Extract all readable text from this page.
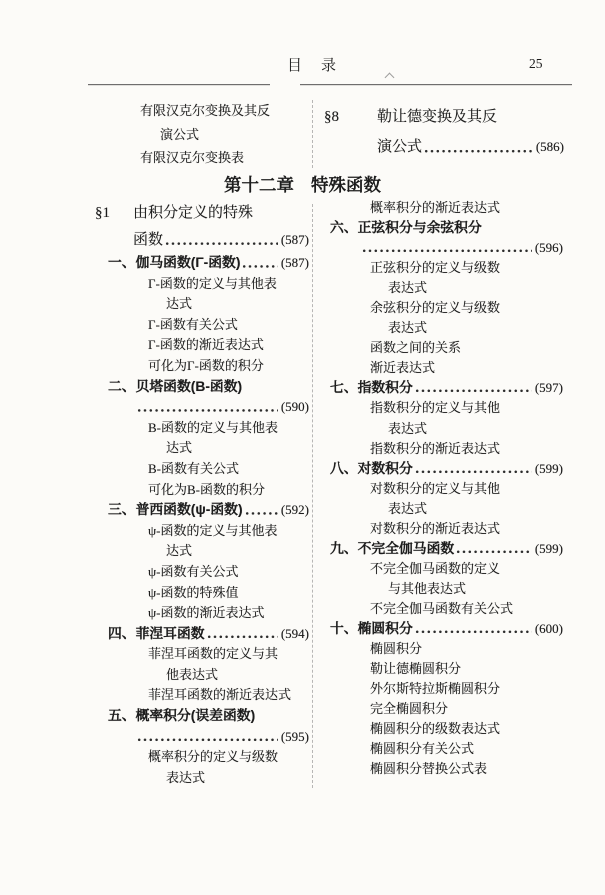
目　录	25
有限汉克尔变换及其反
演公式
有限汉克尔变换表
§8	勒让德变换及其反
演公式	(586)
第十二章 特殊函数
§1	由积分定义的特殊
函数	(587)
一、伽马函数(Γ-函数)	(587)
Γ-函数的定义与其他表
达式
Γ-函数有关公式
Γ-函数的渐近表达式
可化为Γ-函数的积分
二、贝塔函数(B-函数)
(590)
B-函数的定义与其他表
达式
B-函数有关公式
可化为B-函数的积分
三、普西函数(ψ-函数)	(592)
ψ-函数的定义与其他表
达式
ψ-函数有关公式
ψ-函数的特殊值
ψ-函数的渐近表达式
四、菲涅耳函数	(594)
菲涅耳函数的定义与其
他表达式
菲涅耳函数的渐近表达式
五、概率积分(误差函数)
(595)
概率积分的定义与级数
表达式
概率积分的渐近表达式
六、正弦积分与余弦积分
(596)
正弦积分的定义与级数
表达式
余弦积分的定义与级数
表达式
函数之间的关系
渐近表达式
七、指数积分	(597)
指数积分的定义与其他
表达式
指数积分的渐近表达式
八、对数积分	(599)
对数积分的定义与其他
表达式
对数积分的渐近表达式
九、不完全伽马函数	(599)
不完全伽马函数的定义
与其他表达式
不完全伽马函数有关公式
十、椭圆积分	(600)
椭圆积分
勒让德椭圆积分
外尔斯特拉斯椭圆积分
完全椭圆积分
椭圆积分的级数表达式
椭圆积分有关公式
椭圆积分替换公式表
